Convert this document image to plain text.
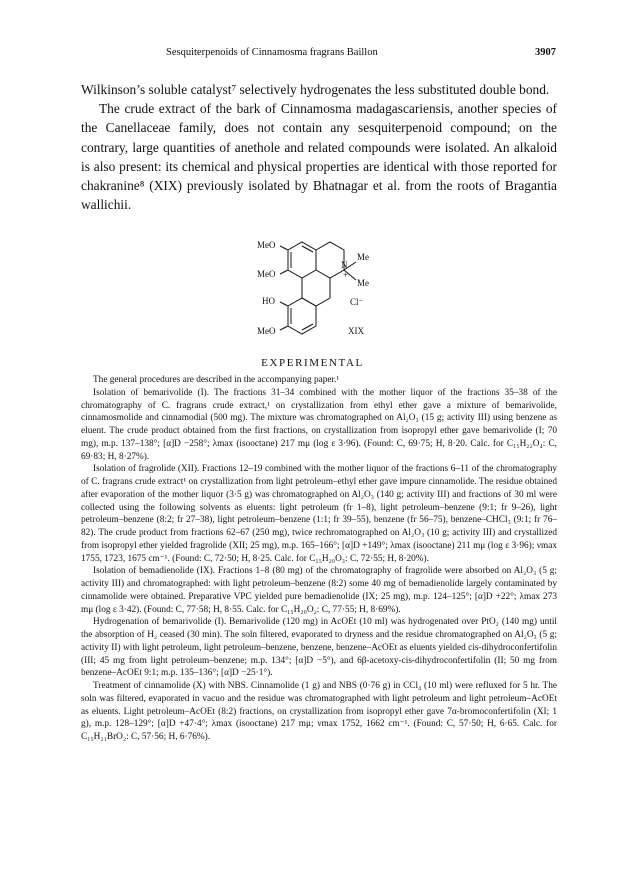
Sesquiterpenoids of Cinnamosma fragrans Baillon	3907

Wilkinson’s soluble catalyst⁷ selectively hydrogenates the less substituted double bond.

The crude extract of the bark of Cinnamosma madagascariensis, another species of the Canellaceae family, does not contain any sesquiterpenoid compound; on the contrary, large quantities of anethole and related compounds were isolated. An alkaloid is also present: its chemical and physical properties are identical with those reported for chakranine⁸ (XIX) previously isolated by Bhatnagar et al. from the roots of Bragantia wallichii.

MeO
MeO
HO
MeO
Me
Me
N
+
Cl⁻
XIX
EXPERIMENTAL

The general procedures are described in the accompanying paper.¹

Isolation of bemarivolide (I). The fractions 31–34 combined with the mother liquor of the fractions 35–38 of the chromatography of C. fragrans crude extract,¹ on crystallization from ethyl ether gave a mixture of bemarivolide, cinnamosmolide and cinnamodial (500 mg). The mixture was chromatographed on Al₂O₃ (15 g; activity III) using benzene as eluent. The crude product obtained from the first fractions, on crystallization from isopropyl ether gave bemarivolide (I; 70 mg), m.p. 137–138°; [α]D −258°; λmax (isooctane) 217 mμ (log ε 3·96). (Found: C, 69·75; H, 8·20. Calc. for C₁₅H₂₂O₄: C, 69·83; H, 8·27%).

Isolation of fragrolide (XII). Fractions 12–19 combined with the mother liquor of the fractions 6–11 of the chromatography of C. fragrans crude extract¹ on crystallization from light petroleum–ethyl ether gave impure cinnamolide. The residue obtained after evaporation of the mother liquor (3·5 g) was chromatographed on Al₂O₃ (140 g; activity III) and fractions of 30 ml were collected using the following solvents as eluents: light petroleum (fr 1–8), light petroleum–benzene (9:1; fr 9–26), light petroleum–benzene (8:2; fr 27–38), light petroleum–benzene (1:1; fr 39–55), benzene (fr 56–75), benzene–CHCl₃ (9:1; fr 76–82). The crude product from fractions 62–67 (250 mg), twice rechromatographed on Al₂O₃ (10 g; activity III) and crystallized from isopropyl ether yielded fragrolide (XII; 25 mg), m.p. 165–166°; [α]D +149°; λmax (isooctane) 211 mμ (log ε 3·96); νmax 1755, 1723, 1675 cm⁻¹. (Found: C, 72·50; H, 8·25. Calc. for C₁₅H₂₀O₃: C, 72·55; H, 8·20%).

Isolation of bemadienolide (IX). Fractions 1–8 (80 mg) of the chromatography of fragrolide were absorbed on Al₂O₃ (5 g; activity III) and chromatographed: with light petroleum–benzene (8:2) some 40 mg of bemadienolide largely contaminated by cinnamolide were obtained. Preparative VPC yielded pure bemadienolide (IX; 25 mg), m.p. 124–125°; [α]D +22°; λmax 273 mμ (log ε 3·42). (Found: C, 77·58; H, 8·55. Calc. for C₁₅H₂₀O₂: C, 77·55; H, 8·69%).

Hydrogenation of bemarivolide (I). Bemarivolide (120 mg) in AcOEt (10 ml) was hydrogenated over PtO₂ (140 mg) until the absorption of H₂ ceased (30 min). The soln filtered, evaporated to dryness and the residue chromatographed on Al₂O₃ (5 g; activity II) with light petroleum, light petroleum–benzene, benzene, benzene–AcOEt as eluents yielded cis-dihydroconfertifolin (III; 45 mg from light petroleum–benzene; m.p. 134°; [α]D −5°), and 6β-acetoxy-cis-dihydroconfertifolin (II; 50 mg from benzene–AcOEt 9:1; m.p. 135–136°; [α]D −25·1°).

Treatment of cinnamolide (X) with NBS. Cinnamolide (1 g) and NBS (0·76 g) in CCl₄ (10 ml) were refluxed for 5 hr. The soln was filtered, evaporated in vacuo and the residue was chromatographed with light petroleum and light petroleum–AcOEt as eluents. Light petroleum–AcOEt (8:2) fractions, on crystallization from isopropyl ether gave 7α-bromoconfertifolin (XI; 1 g), m.p. 128–129°; [α]D +47·4°; λmax (isooctane) 217 mμ; νmax 1752, 1662 cm⁻¹. (Found: C, 57·50; H, 6·65. Calc. for C₁₅H₂₁BrO₂: C, 57·56; H, 6·76%).
